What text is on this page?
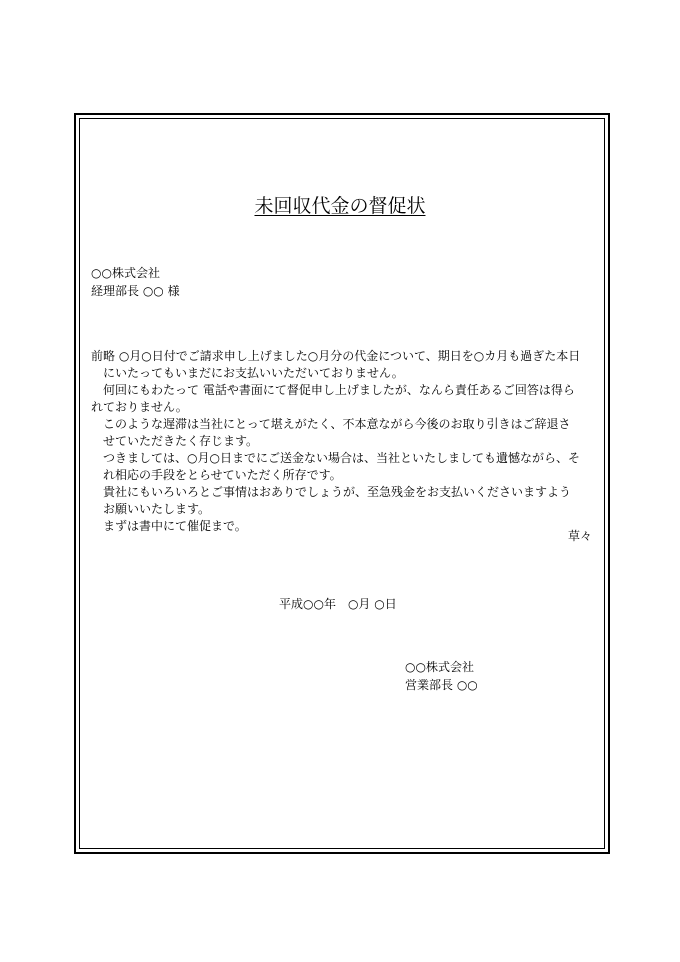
未回収代金の督促状
○○株式会社
経理部長 ○○ 様

前略 ○月○日付でご請求申し上げました○月分の代金について、期日を○カ月も過ぎた本日

にいたってもいまだにお支払いいただいておりません。

何回にもわたって 電話や書面にて督促申し上げましたが、なんら責任あるご回答は得ら

れておりません。

このような遅滞は当社にとって堪えがたく、不本意ながら今後のお取り引きはご辞退さ

せていただきたく存じます。

つきましては、○月○日までにご送金ない場合は、当社といたしましても遺憾ながら、そ

れ相応の手段をとらせていただく所存です。

貴社にもいろいろとご事情はおありでしょうが、至急残金をお支払いくださいますよう

お願いいたします。

まずは書中にて催促まで。

草々
平成○○年　○月 ○日
○○株式会社
営業部長 ○○
